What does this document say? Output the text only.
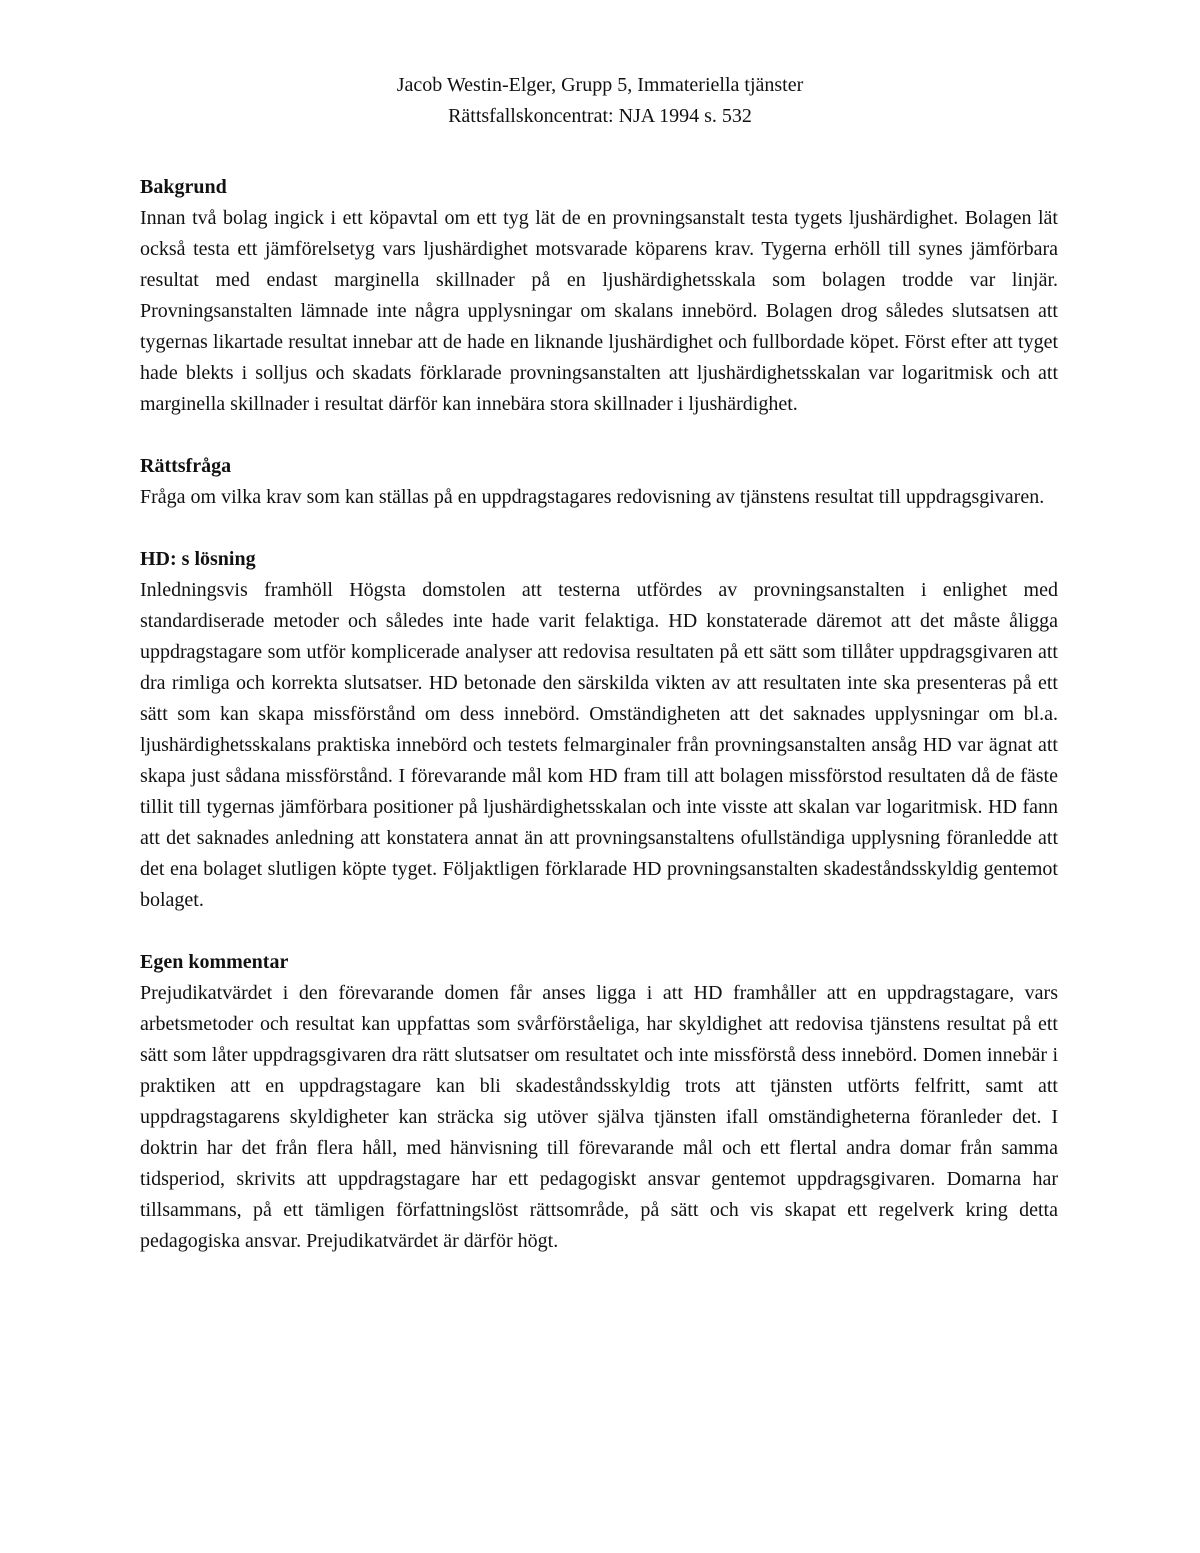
Jacob Westin-Elger, Grupp 5, Immateriella tjänster
Rättsfallskoncentrat: NJA 1994 s. 532
Bakgrund

Innan två bolag ingick i ett köpavtal om ett tyg lät de en provningsanstalt testa tygets ljushärdighet. Bolagen lät också testa ett jämförelsetyg vars ljushärdighet motsvarade köparens krav. Tygerna erhöll till synes jämförbara resultat med endast marginella skillnader på en ljushärdighetsskala som bolagen trodde var linjär. Provningsanstalten lämnade inte några upplysningar om skalans innebörd. Bolagen drog således slutsatsen att tygernas likartade resultat innebar att de hade en liknande ljushärdighet och fullbordade köpet. Först efter att tyget hade blekts i solljus och skadats förklarade provningsanstalten att ljushärdighetsskalan var logaritmisk och att marginella skillnader i resultat därför kan innebära stora skillnader i ljushärdighet.

Rättsfråga

Fråga om vilka krav som kan ställas på en uppdragstagares redovisning av tjänstens resultat till uppdragsgivaren.

HD: s lösning

Inledningsvis framhöll Högsta domstolen att testerna utfördes av provningsanstalten i enlighet med standardiserade metoder och således inte hade varit felaktiga. HD konstaterade däremot att det måste åligga uppdragstagare som utför komplicerade analyser att redovisa resultaten på ett sätt som tillåter uppdragsgivaren att dra rimliga och korrekta slutsatser. HD betonade den särskilda vikten av att resultaten inte ska presenteras på ett sätt som kan skapa missförstånd om dess innebörd. Omständigheten att det saknades upplysningar om bl.a. ljushärdighetsskalans praktiska innebörd och testets felmarginaler från provningsanstalten ansåg HD var ägnat att skapa just sådana missförstånd. I förevarande mål kom HD fram till att bolagen missförstod resultaten då de fäste tillit till tygernas jämförbara positioner på ljushärdighetsskalan och inte visste att skalan var logaritmisk. HD fann att det saknades anledning att konstatera annat än att provningsanstaltens ofullständiga upplysning föranledde att det ena bolaget slutligen köpte tyget. Följaktligen förklarade HD provningsanstalten skadeståndsskyldig gentemot bolaget.

Egen kommentar

Prejudikatvärdet i den förevarande domen får anses ligga i att HD framhåller att en uppdragstagare, vars arbetsmetoder och resultat kan uppfattas som svårförståeliga, har skyldighet att redovisa tjänstens resultat på ett sätt som låter uppdragsgivaren dra rätt slutsatser om resultatet och inte missförstå dess innebörd. Domen innebär i praktiken att en uppdragstagare kan bli skadeståndsskyldig trots att tjänsten utförts felfritt, samt att uppdragstagarens skyldigheter kan sträcka sig utöver själva tjänsten ifall omständigheterna föranleder det. I doktrin har det från flera håll, med hänvisning till förevarande mål och ett flertal andra domar från samma tidsperiod, skrivits att uppdragstagare har ett pedagogiskt ansvar gentemot uppdragsgivaren. Domarna har tillsammans, på ett tämligen författningslöst rättsområde, på sätt och vis skapat ett regelverk kring detta pedagogiska ansvar. Prejudikatvärdet är därför högt.
